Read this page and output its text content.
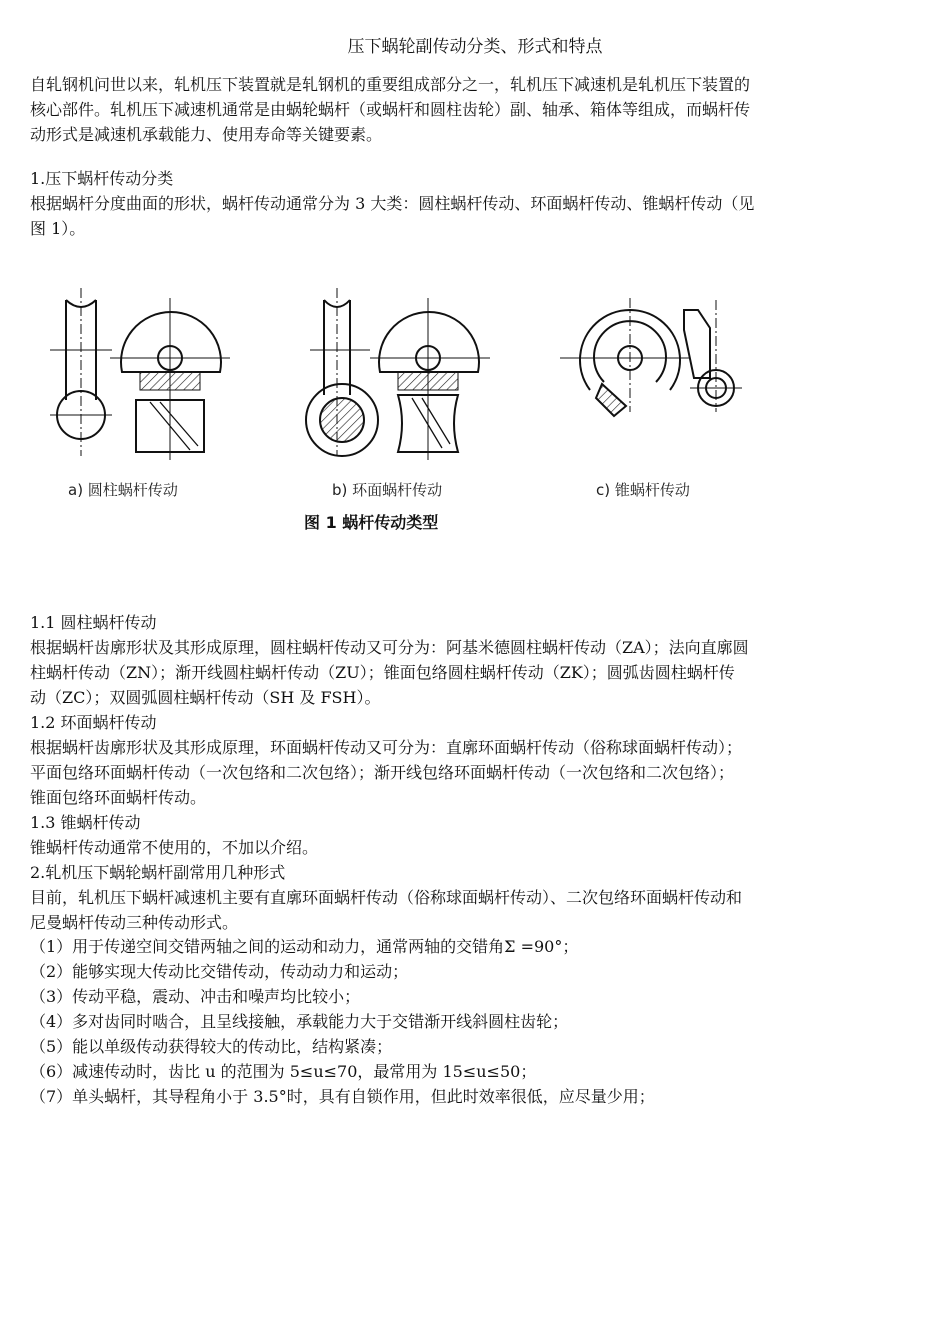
压下蜗轮副传动分类、形式和特点

自轧钢机问世以来，轧机压下装置就是轧钢机的重要组成部分之一，轧机压下减速机是轧机压下装置的

核心部件。轧机压下减速机通常是由蜗轮蜗杆（或蜗杆和圆柱齿轮）副、轴承、箱体等组成，而蜗杆传

动形式是减速机承载能力、使用寿命等关键要素。

1.压下蜗杆传动分类

根据蜗杆分度曲面的形状，蜗杆传动通常分为 3 大类：圆柱蜗杆传动、环面蜗杆传动、锥蜗杆传动（见

图 1）。

a) 圆柱蜗杆传动	b) 环面蜗杆传动	c) 锥蜗杆传动
图 1 蜗杆传动类型

1.1 圆柱蜗杆传动

根据蜗杆齿廓形状及其形成原理，圆柱蜗杆传动又可分为：阿基米德圆柱蜗杆传动（ZA）；法向直廓圆

柱蜗杆传动（ZN）；渐开线圆柱蜗杆传动（ZU）；锥面包络圆柱蜗杆传动（ZK）；圆弧齿圆柱蜗杆传

动（ZC）；双圆弧圆柱蜗杆传动（SH 及 FSH）。

1.2 环面蜗杆传动

根据蜗杆齿廓形状及其形成原理，环面蜗杆传动又可分为：直廓环面蜗杆传动（俗称球面蜗杆传动）；

平面包络环面蜗杆传动（一次包络和二次包络）；渐开线包络环面蜗杆传动（一次包络和二次包络）；

锥面包络环面蜗杆传动。

1.3 锥蜗杆传动

锥蜗杆传动通常不使用的，不加以介绍。

2.轧机压下蜗轮蜗杆副常用几种形式

目前，轧机压下蜗杆减速机主要有直廓环面蜗杆传动（俗称球面蜗杆传动）、二次包络环面蜗杆传动和

尼曼蜗杆传动三种传动形式。

（1）用于传递空间交错两轴之间的运动和动力，通常两轴的交错角Σ =90°；

（2）能够实现大传动比交错传动，传动动力和运动；

（3）传动平稳，震动、冲击和噪声均比较小；

（4）多对齿同时啮合，且呈线接触，承载能力大于交错渐开线斜圆柱齿轮；

（5）能以单级传动获得较大的传动比，结构紧凑；

（6）减速传动时，齿比 u 的范围为 5≤u≤70，最常用为 15≤u≤50；

（7）单头蜗杆，其导程角小于 3.5°时，具有自锁作用，但此时效率很低，应尽量少用；
